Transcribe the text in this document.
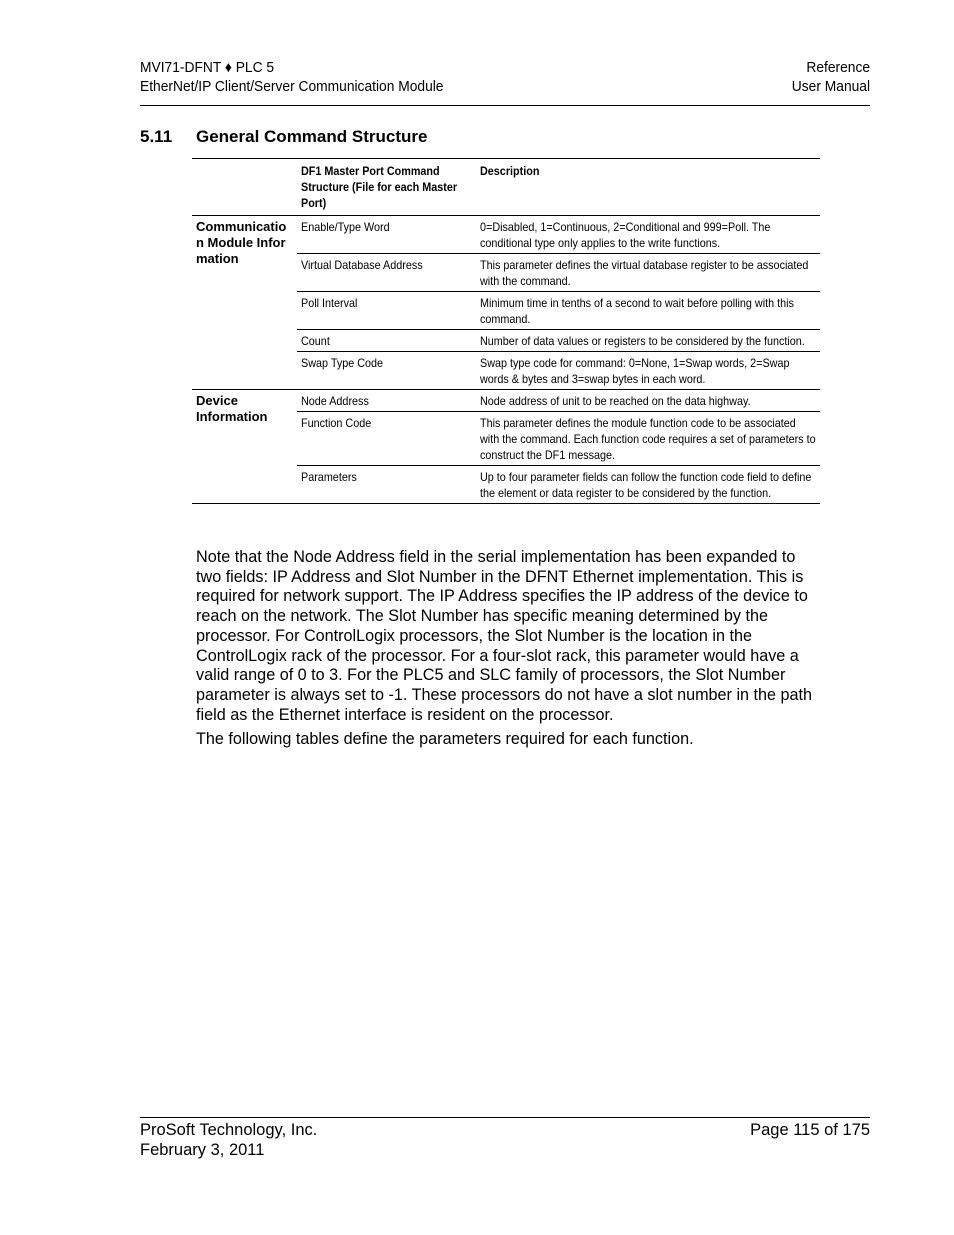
MVI71-DFNT ♦ PLC 5
EtherNet/IP Client/Server Communication Module
Reference
User Manual
5.11 General Command Structure
	DF1 Master Port Command Structure (File for each Master Port)	Description

Communication Module Information	Enable/Type Word	0=Disabled, 1=Continuous, 2=Conditional and 999=Poll. The conditional type only applies to the write functions.
	Virtual Database Address	This parameter defines the virtual database register to be associated with the command.
	Poll Interval	Minimum time in tenths of a second to wait before polling with this command.
	Count	Number of data values or registers to be considered by the function.
	Swap Type Code	Swap type code for command: 0=None, 1=Swap words, 2=Swap words & bytes and 3=swap bytes in each word.

Device Information	Node Address	Node address of unit to be reached on the data highway.
	Function Code	This parameter defines the module function code to be associated with the command. Each function code requires a set of parameters to construct the DF1 message.
	Parameters	Up to four parameter fields can follow the function code field to define the element or data register to be considered by the function.

Note that the Node Address field in the serial implementation has been expanded to two fields: IP Address and Slot Number in the DFNT Ethernet implementation. This is required for network support. The IP Address specifies the IP address of the device to reach on the network. The Slot Number has specific meaning determined by the processor. For ControlLogix processors, the Slot Number is the location in the ControlLogix rack of the processor. For a four-slot rack, this parameter would have a valid range of 0 to 3. For the PLC5 and SLC family of processors, the Slot Number parameter is always set to -1. These processors do not have a slot number in the path field as the Ethernet interface is resident on the processor.

The following tables define the parameters required for each function.

ProSoft Technology, Inc.
February 3, 2011
Page 115 of 175
